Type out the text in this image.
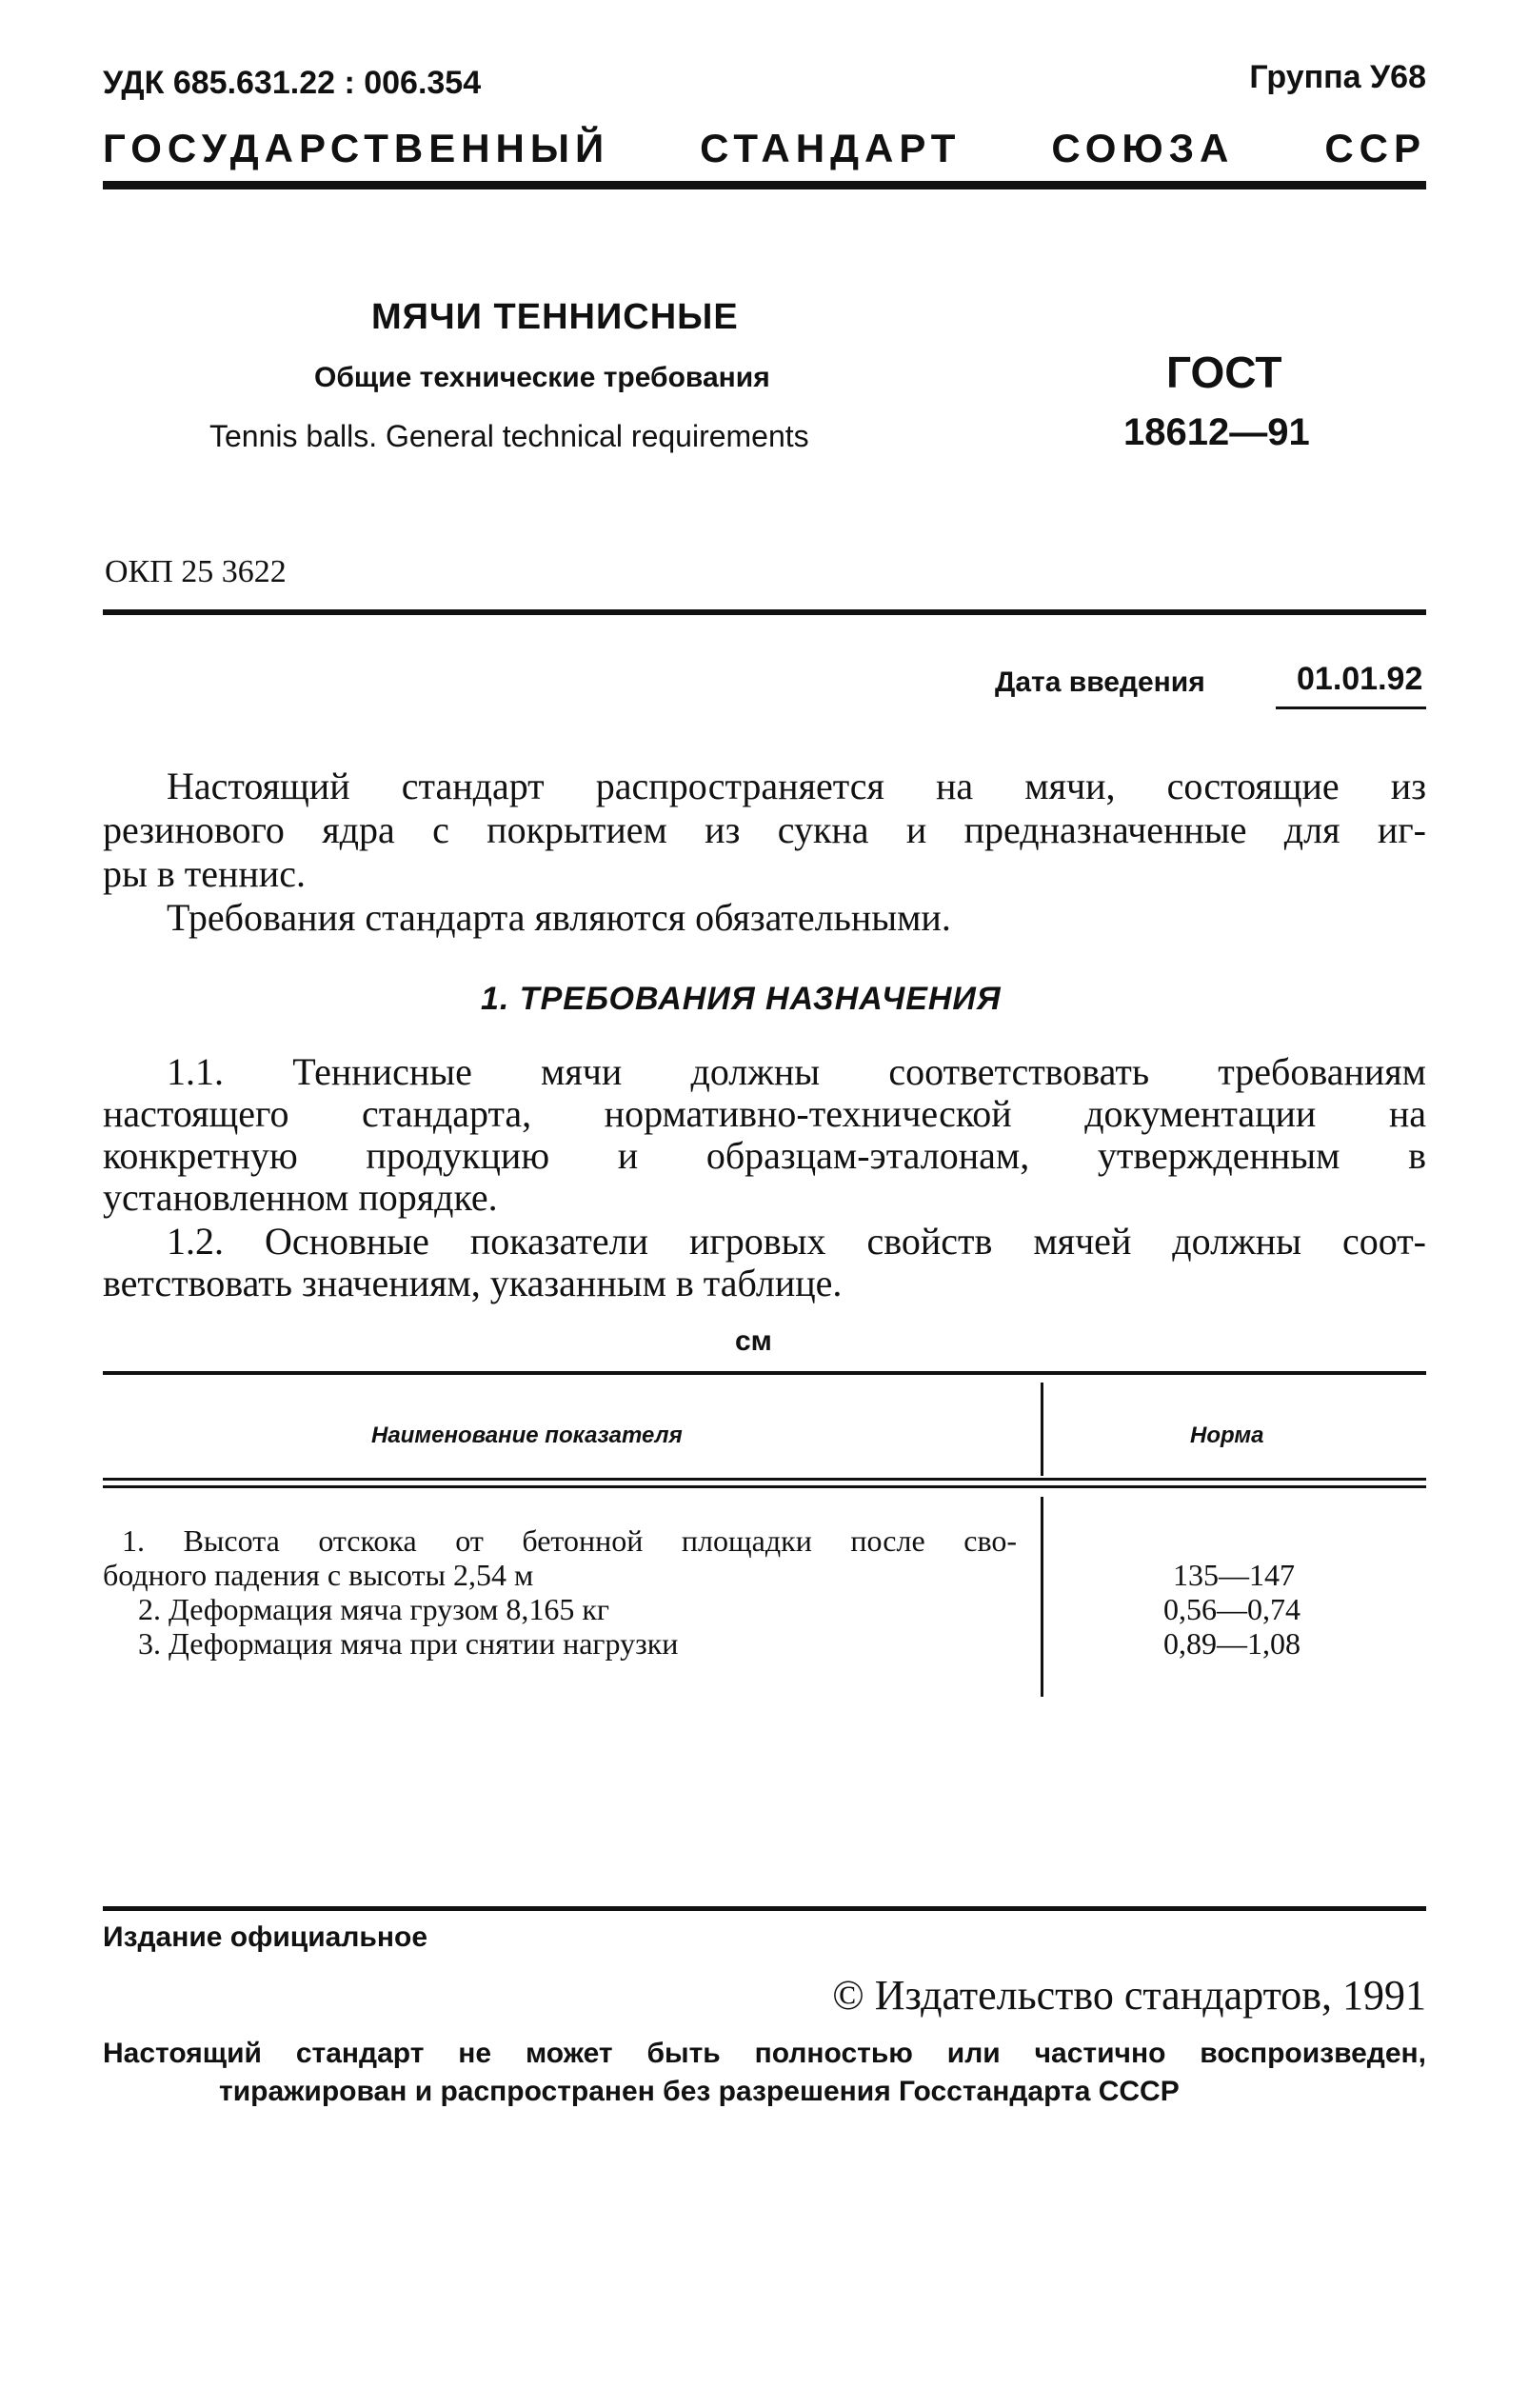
УДК 685.631.22 : 006.354	Группа У68
ГОСУДАРСТВЕННЫЙ СТАНДАРТ СОЮЗА ССР
МЯЧИ ТЕННИСНЫЕ
Общие технические требования
Tennis balls. General technical requirements
ГОСТ
18612—91
ОКП 25 3622
Дата введения	01.01.92
Настоящий стандарт распространяется на мячи, состоящие из
резинового ядра с покрытием из сукна и предназначенные для иг-
ры в теннис.
Требования стандарта являются обязательными.
1. ТРЕБОВАНИЯ НАЗНАЧЕНИЯ
1.1. Теннисные мячи должны соответствовать требованиям
настоящего стандарта, нормативно-технической документации на
конкретную продукцию и образцам-эталонам, утвержденным в
установленном порядке.
1.2. Основные показатели игровых свойств мячей должны соот-
ветствовать значениям, указанным в таблице.
см
Наименование показателя	Норма
1. Высота отскока от бетонной площадки после сво-
бодного падения с высоты 2,54 м	135—147
2. Деформация мяча грузом 8,165 кг	0,56—0,74
3. Деформация мяча при снятии нагрузки	0,89—1,08
Издание официальное
© Издательство стандартов, 1991
Настоящий стандарт не может быть полностью или частично воспроизведен,
тиражирован и распространен без разрешения Госстандарта СССР
